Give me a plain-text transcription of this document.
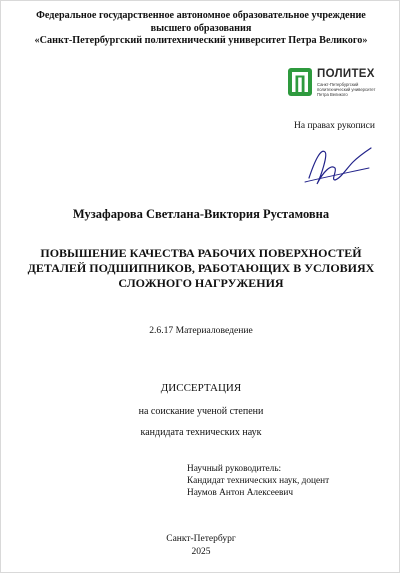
Федеральное государственное автономное образовательное учреждение
высшего образования
«Санкт-Петербургский политехнический университет Петра Великого»
ПОЛИТЕХ
Санкт-Петербургский
политехнический университет
Петра Великого
На правах рукописи
Музафарова Светлана-Виктория Рустамовна
ПОВЫШЕНИЕ КАЧЕСТВА РАБОЧИХ ПОВЕРХНОСТЕЙ
ДЕТАЛЕЙ ПОДШИПНИКОВ, РАБОТАЮЩИХ В УСЛОВИЯХ
СЛОЖНОГО НАГРУЖЕНИЯ
2.6.17 Материаловедение
ДИССЕРТАЦИЯ
на соискание ученой степени
кандидата технических наук
Научный руководитель:
Кандидат технических наук, доцент
Наумов Антон Алексеевич
Санкт-Петербург
2025
